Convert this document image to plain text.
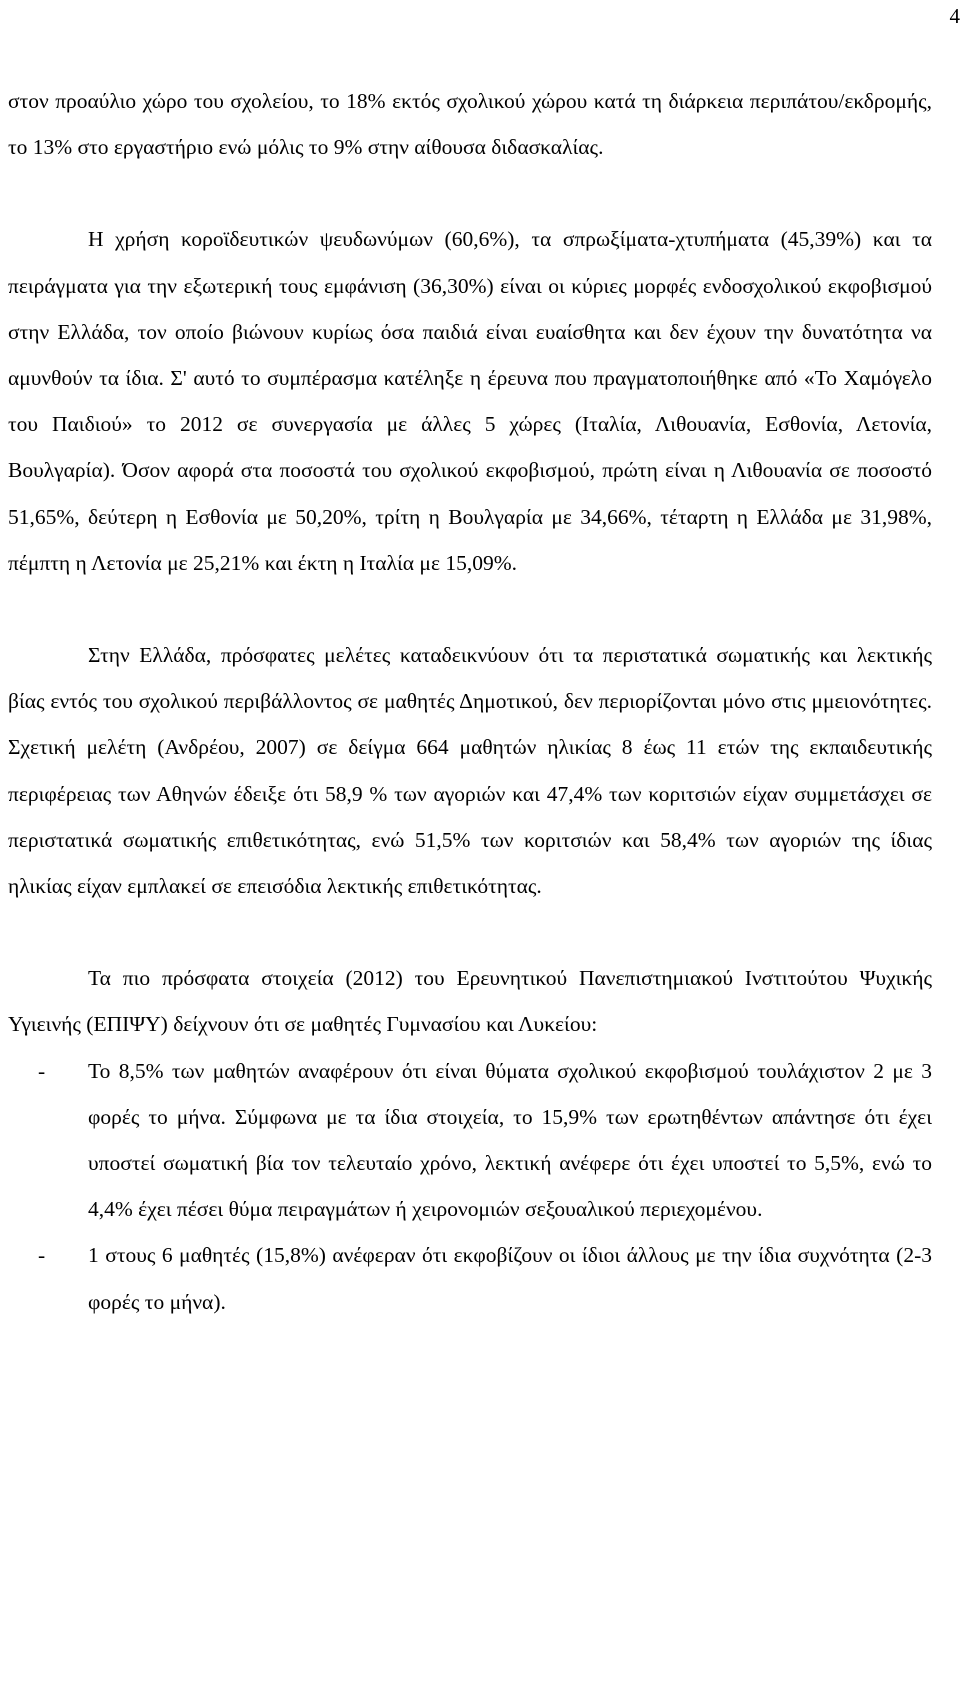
4

στον προαύλιο χώρο του σχολείου, το 18% εκτός σχολικού χώρου κατά τη διάρκεια περιπάτου/εκδρομής, το 13% στο εργαστήριο ενώ μόλις το 9% στην αίθουσα διδασκαλίας.

Η χρήση κοροϊδευτικών ψευδωνύμων (60,6%), τα σπρωξίματα-χτυπήματα (45,39%) και τα πειράγματα για την εξωτερική τους εμφάνιση (36,30%) είναι οι κύριες μορφές ενδοσχολικού εκφοβισμού στην Ελλάδα, τον οποίο βιώνουν κυρίως όσα παιδιά είναι ευαίσθητα και δεν έχουν την δυνατότητα να αμυνθούν τα ίδια. Σ' αυτό το συμπέρασμα κατέληξε η έρευνα που πραγματοποιήθηκε από «Το Χαμόγελο του Παιδιού» το 2012 σε συνεργασία με άλλες 5 χώρες (Ιταλία, Λιθουανία, Εσθονία, Λετονία, Βουλγαρία). Όσον αφορά στα ποσοστά του σχολικού εκφοβισμού, πρώτη είναι η Λιθουανία σε ποσοστό 51,65%, δεύτερη η Εσθονία με 50,20%, τρίτη η Βουλγαρία με 34,66%, τέταρτη η Ελλάδα με 31,98%, πέμπτη η Λετονία με 25,21% και έκτη η Ιταλία με 15,09%.

Στην Ελλάδα, πρόσφατες μελέτες καταδεικνύουν ότι τα περιστατικά σωματικής και λεκτικής βίας εντός του σχολικού περιβάλλοντος σε μαθητές Δημοτικού, δεν περιορίζονται μόνο στις μμειονότητες. Σχετική μελέτη (Ανδρέου, 2007) σε δείγμα 664 μαθητών ηλικίας 8 έως 11 ετών της εκπαιδευτικής περιφέρειας των Αθηνών έδειξε ότι 58,9 % των αγοριών και 47,4% των κοριτσιών είχαν συμμετάσχει σε περιστατικά σωματικής επιθετικότητας, ενώ 51,5% των κοριτσιών και 58,4% των αγοριών της ίδιας ηλικίας είχαν εμπλακεί σε επεισόδια λεκτικής επιθετικότητας.

Τα πιο πρόσφατα στοιχεία (2012) του Ερευνητικού Πανεπιστημιακού Ινστιτούτου Ψυχικής Υγιεινής (ΕΠΙΨΥ) δείχνουν ότι σε μαθητές Γυμνασίου και Λυκείου:

- Το 8,5% των μαθητών αναφέρουν ότι είναι θύματα σχολικού εκφοβισμού τουλάχιστον 2 με 3 φορές το μήνα. Σύμφωνα με τα ίδια στοιχεία, το 15,9% των ερωτηθέντων απάντησε ότι έχει υποστεί σωματική βία τον τελευταίο χρόνο, λεκτική ανέφερε ότι έχει υποστεί το 5,5%, ενώ το 4,4% έχει πέσει θύμα πειραγμάτων ή χειρονομιών σεξουαλικού περιεχομένου.
- 1 στους 6 μαθητές (15,8%) ανέφεραν ότι εκφοβίζουν οι ίδιοι άλλους με την ίδια συχνότητα (2-3 φορές το μήνα).
